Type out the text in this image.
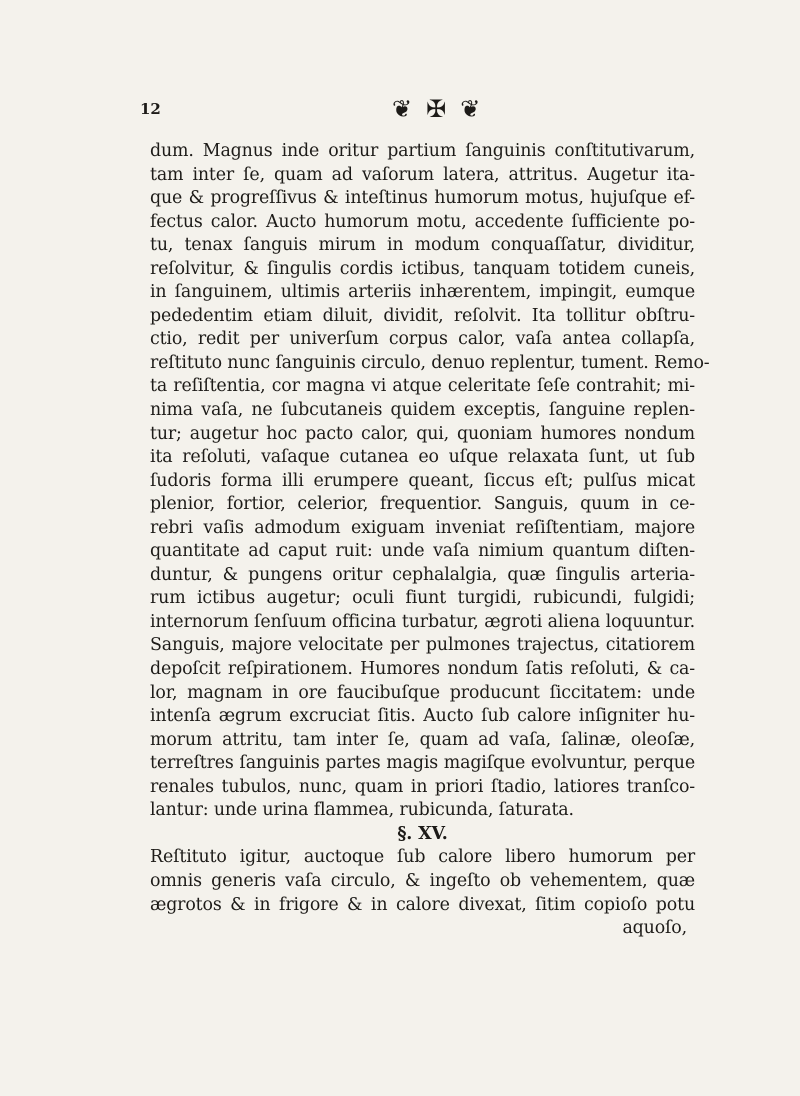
12	❦ ✠ ❦
dum. Magnus inde oritur partium ſanguinis conſtitutivarum,
tam inter ſe, quam ad vaſorum latera, attritus. Augetur ita-
que & progreſſivus & inteſtinus humorum motus, hujuſque ef-
fectus calor. Aucto humorum motu, accedente ſufficiente po-
tu, tenax ſanguis mirum in modum conquaſſatur, dividitur,
reſolvitur, & ſingulis cordis ictibus, tanquam totidem cuneis,
in ſanguinem, ultimis arteriis inhærentem, impingit, eumque
pededentim etiam diluit, dividit, reſolvit. Ita tollitur obſtru-
ctio, redit per univerſum corpus calor, vaſa antea collapſa,
reſtituto nunc ſanguinis circulo, denuo replentur, tument. Remo-
ta reſiſtentia, cor magna vi atque celeritate ſeſe contrahit; mi-
nima vaſa, ne ſubcutaneis quidem exceptis, ſanguine replen-
tur; augetur hoc pacto calor, qui, quoniam humores nondum
ita reſoluti, vaſaque cutanea eo uſque relaxata ſunt, ut ſub
ſudoris forma illi erumpere queant, ſiccus eſt; pulſus micat
plenior, fortior, celerior, frequentior. Sanguis, quum in ce-
rebri vaſis admodum exiguam inveniat reſiſtentiam, majore
quantitate ad caput ruit: unde vaſa nimium quantum diſten-
duntur, & pungens oritur cephalalgia, quæ ſingulis arteria-
rum ictibus augetur; oculi fiunt turgidi, rubicundi, fulgidi;
internorum ſenſuum officina turbatur, ægroti aliena loquuntur.
Sanguis, majore velocitate per pulmones trajectus, citatiorem
depoſcit reſpirationem. Humores nondum ſatis reſoluti, & ca-
lor, magnam in ore faucibuſque producunt ſiccitatem: unde
intenſa ægrum excruciat ſitis. Aucto ſub calore inſigniter hu-
morum attritu, tam inter ſe, quam ad vaſa, ſalinæ, oleoſæ,
terreſtres ſanguinis partes magis magiſque evolvuntur, perque
renales tubulos, nunc, quam in priori ſtadio, latiores tranſco-
lantur: unde urina flammea, rubicunda, ſaturata.
§. XV.
Reſtituto igitur, auctoque ſub calore libero humorum per
omnis generis vaſa circulo, & ingeſto ob vehementem, quæ
ægrotos & in frigore & in calore divexat, ſitim copioſo potu
aquoſo,
